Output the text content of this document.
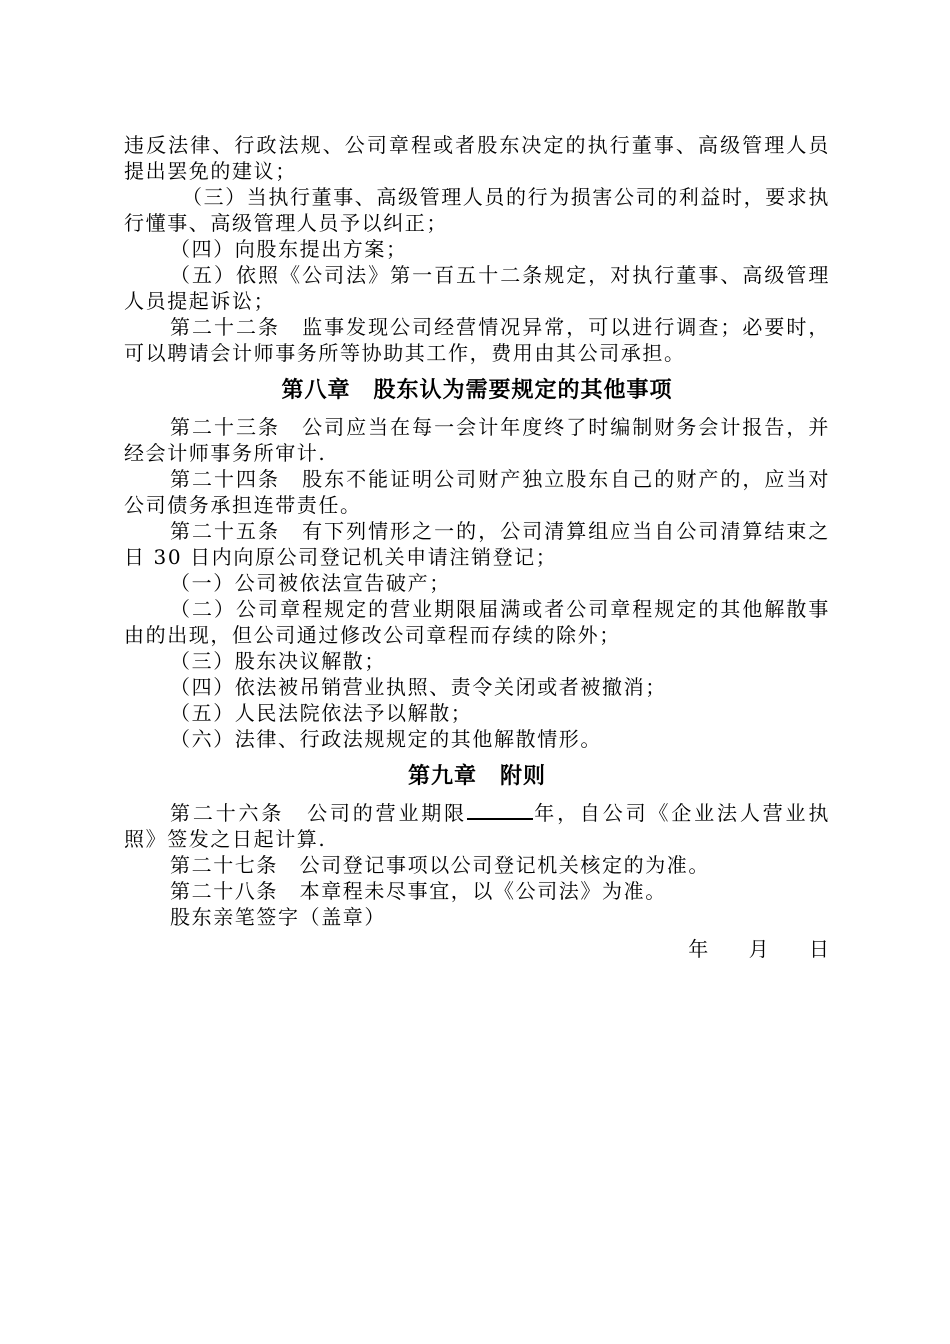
违反法律、行政法规、公司章程或者股东决定的执行董事、高级管理人员提出罢免的建议；

（三）当执行董事、高级管理人员的行为损害公司的利益时，要求执行懂事、高级管理人员予以纠正；

（四）向股东提出方案；

（五）依照《公司法》第一百五十二条规定，对执行董事、高级管理人员提起诉讼；

第二十二条　监事发现公司经营情况异常，可以进行调查；必要时，可以聘请会计师事务所等协助其工作，费用由其公司承担。

第八章　股东认为需要规定的其他事项

第二十三条　公司应当在每一会计年度终了时编制财务会计报告，并经会计师事务所审计.

第二十四条　股东不能证明公司财产独立股东自己的财产的，应当对公司债务承担连带责任。

第二十五条　有下列情形之一的，公司清算组应当自公司清算结束之日 30 日内向原公司登记机关申请注销登记；

（一）公司被依法宣告破产；

（二）公司章程规定的营业期限届满或者公司章程规定的其他解散事由的出现，但公司通过修改公司章程而存续的除外；

（三）股东决议解散；

（四）依法被吊销营业执照、责令关闭或者被撤消；

（五）人民法院依法予以解散；

（六）法律、行政法规规定的其他解散情形。

第九章　附则

第二十六条　公司的营业期限	年，自公司《企业法人营业执照》签发之日起计算.

第二十七条　公司登记事项以公司登记机关核定的为准。

第二十八条　本章程未尽事宜，以《公司法》为准。

股东亲笔签字（盖章）

年 月 日
